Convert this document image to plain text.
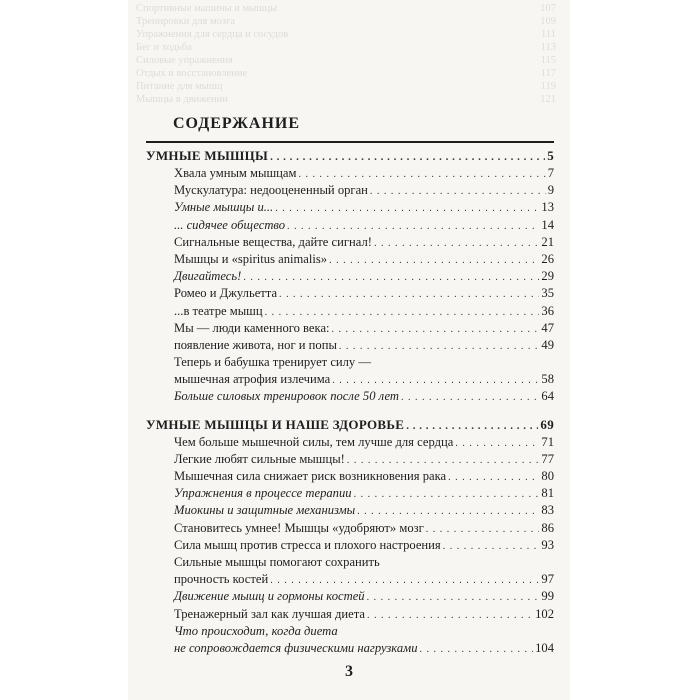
Спортивные машины и мышцы	107
Тренировки для мозга	109
Упражнения для сердца и сосудов	111
Бег и ходьба	113
Силовые упражнения	115
Отдых и восстановление	117
Питание для мышц	119
Мышцы в движении	121
СОДЕРЖАНИЕ
УМНЫЕ МЫШЦЫ . . .	5
Хвала умным мышцам . . .	7
Мускулатура: недооцененный орган . . .	9
Умные мышцы и... . . .	13
... сидячее общество . . .	14
Сигнальные вещества, дайте сигнал! . . .	21
Мышцы и «spiritus animalis» . . .	26
Двигайтесь! . . .	29
Ромео и Джульетта . . .	35
...в театре мышц . . .	36
Мы — люди каменного века: . . .	47
появление живота, ног и попы . . .	49
Теперь и бабушка тренирует силу —
мышечная атрофия излечима . . .	58
Больше силовых тренировок после 50 лет . . .	64
УМНЫЕ МЫШЦЫ И НАШЕ ЗДОРОВЬЕ . . .	69
Чем больше мышечной силы, тем лучше для сердца . . .	71
Легкие любят сильные мышцы! . . .	77
Мышечная сила снижает риск возникновения рака . . .	80
Упражнения в процессе терапии . . .	81
Миокины и защитные механизмы . . .	83
Становитесь умнее! Мышцы «удобряют» мозг . . .	86
Сила мышц против стресса и плохого настроения . . .	93
Сильные мышцы помогают сохранить
прочность костей . . .	97
Движение мышц и гормоны костей . . .	99
Тренажерный зал как лучшая диета . . .	102
Что происходит, когда диета
не сопровождается физическими нагрузками . . .	104
3
